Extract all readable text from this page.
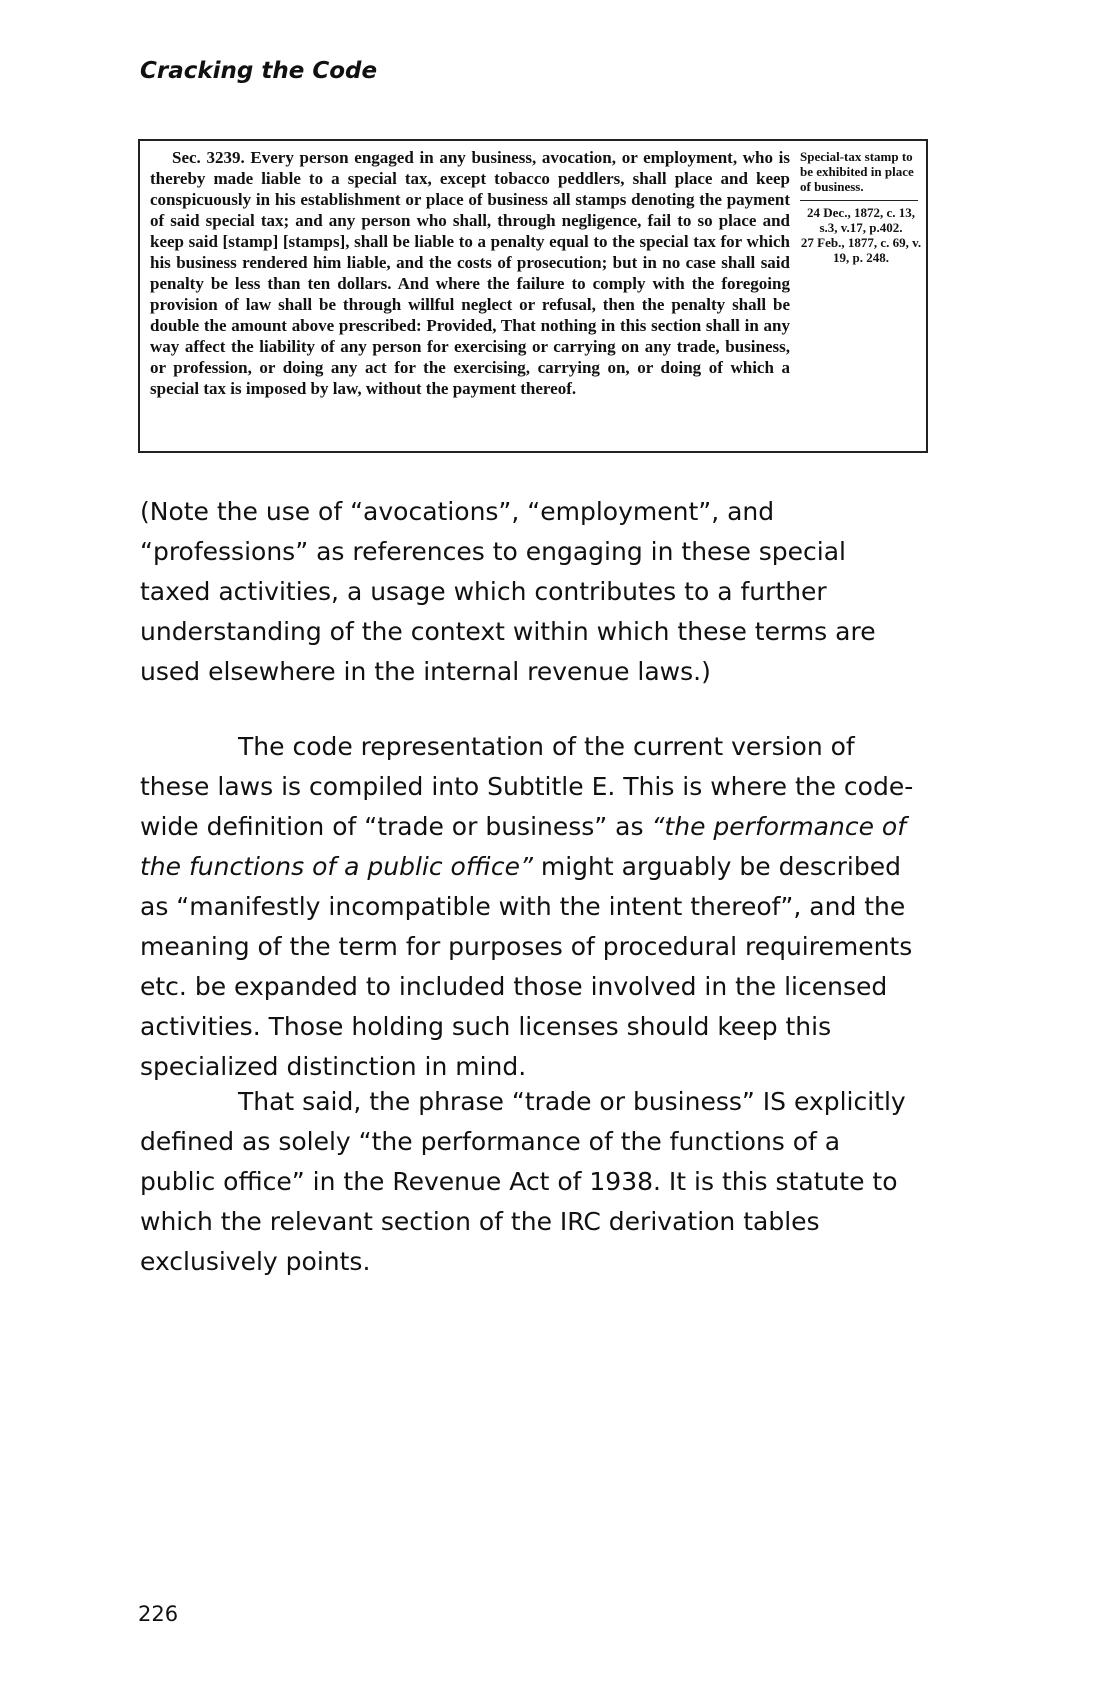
Cracking the Code
Sec. 3239. Every person engaged in any business, avocation, or employment, who is thereby made liable to a special tax, except tobacco peddlers, shall place and keep conspicuously in his establishment or place of business all stamps denoting the payment of said special tax; and any person who shall, through negligence, fail to so place and keep said [stamp] [stamps], shall be liable to a penalty equal to the special tax for which his business rendered him liable, and the costs of prosecution; but in no case shall said penalty be less than ten dollars. And where the failure to comply with the foregoing provision of law shall be through willful neglect or refusal, then the penalty shall be double the amount above prescribed: Provided, That nothing in this section shall in any way affect the liability of any person for exercising or carrying on any trade, business, or profession, or doing any act for the exercising, carrying on, or doing of which a special tax is imposed by law, without the payment thereof.
Special-tax stamp to be exhibited in place of business.
24 Dec., 1872, c. 13, s.3, v.17, p.402.
27 Feb., 1877, c. 69, v. 19, p. 248.

(Note the use of “avocations”, “employment”, and “professions” as references to engaging in these special taxed activities, a usage which contributes to a further understanding of the context within which these terms are used elsewhere in the internal revenue laws.)

The code representation of the current version of these laws is compiled into Subtitle E. This is where the code-wide definition of “trade or business” as “the performance of the functions of a public office” might arguably be described as “manifestly incompatible with the intent thereof”, and the meaning of the term for purposes of procedural requirements etc. be expanded to included those involved in the licensed activities. Those holding such licenses should keep this specialized distinction in mind.

That said, the phrase “trade or business” IS explicitly defined as solely “the performance of the functions of a public office” in the Revenue Act of 1938. It is this statute to which the relevant section of the IRC derivation tables exclusively points.

226
